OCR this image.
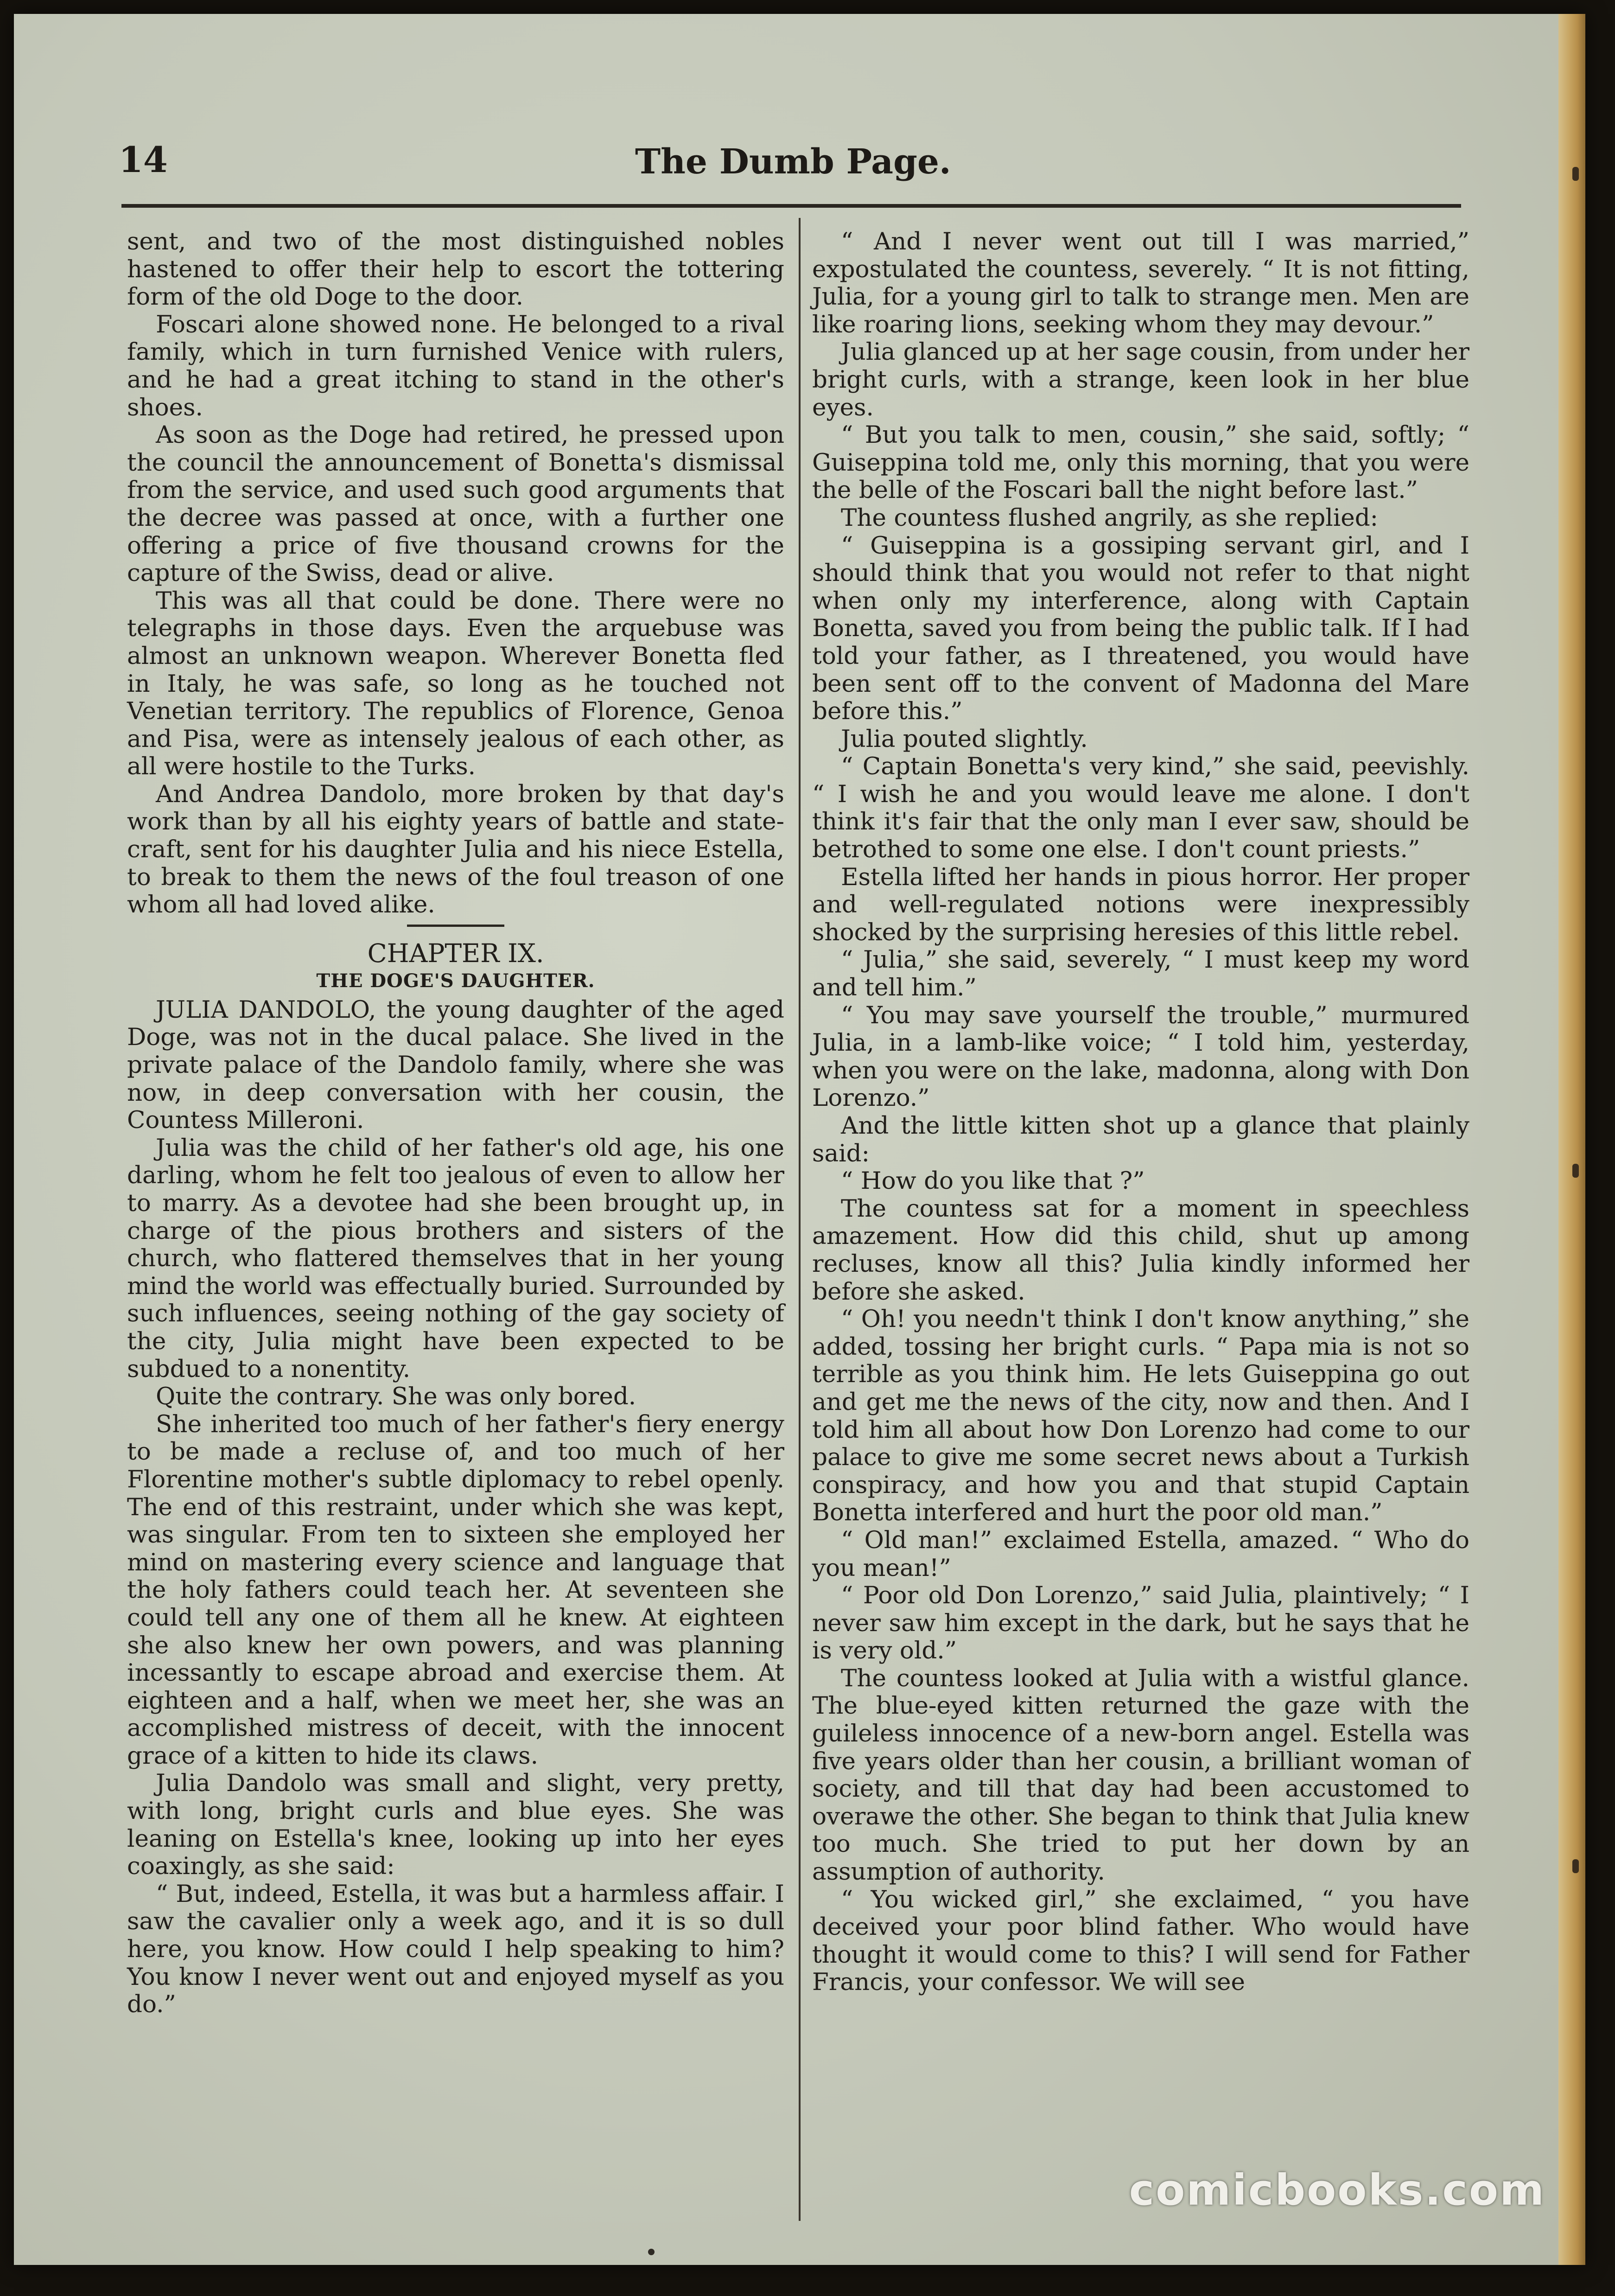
14	The Dumb Page.

sent, and two of the most distinguished nobles hastened to offer their help to escort the tottering form of the old Doge to the door.

Foscari alone showed none. He belonged to a rival family, which in turn furnished Venice with rulers, and he had a great itching to stand in the other's shoes.

As soon as the Doge had retired, he pressed upon the council the announcement of Bonetta's dismissal from the service, and used such good arguments that the decree was passed at once, with a further one offering a price of five thousand crowns for the capture of the Swiss, dead or alive.

This was all that could be done. There were no telegraphs in those days. Even the arquebuse was almost an unknown weapon. Wherever Bonetta fled in Italy, he was safe, so long as he touched not Venetian territory. The republics of Florence, Genoa and Pisa, were as intensely jealous of each other, as all were hostile to the Turks.

And Andrea Dandolo, more broken by that day's work than by all his eighty years of battle and state-craft, sent for his daughter Julia and his niece Estella, to break to them the news of the foul treason of one whom all had loved alike.

CHAPTER IX.
THE DOGE'S DAUGHTER.

JULIA DANDOLO, the young daughter of the aged Doge, was not in the ducal palace. She lived in the private palace of the Dandolo family, where she was now, in deep conversation with her cousin, the Countess Milleroni.

Julia was the child of her father's old age, his one darling, whom he felt too jealous of even to allow her to marry. As a devotee had she been brought up, in charge of the pious brothers and sisters of the church, who flattered themselves that in her young mind the world was effectually buried. Surrounded by such influences, seeing nothing of the gay society of the city, Julia might have been expected to be subdued to a nonentity.

Quite the contrary. She was only bored.

She inherited too much of her father's fiery energy to be made a recluse of, and too much of her Florentine mother's subtle diplomacy to rebel openly. The end of this restraint, under which she was kept, was singular. From ten to sixteen she employed her mind on mastering every science and language that the holy fathers could teach her. At seventeen she could tell any one of them all he knew. At eighteen she also knew her own powers, and was planning incessantly to escape abroad and exercise them. At eighteen and a half, when we meet her, she was an accomplished mistress of deceit, with the innocent grace of a kitten to hide its claws.

Julia Dandolo was small and slight, very pretty, with long, bright curls and blue eyes. She was leaning on Estella's knee, looking up into her eyes coaxingly, as she said:

“ But, indeed, Estella, it was but a harmless affair. I saw the cavalier only a week ago, and it is so dull here, you know. How could I help speaking to him? You know I never went out and enjoyed myself as you do.”

“ And I never went out till I was married,” expostulated the countess, severely. “ It is not fitting, Julia, for a young girl to talk to strange men. Men are like roaring lions, seeking whom they may devour.”

Julia glanced up at her sage cousin, from under her bright curls, with a strange, keen look in her blue eyes.

“ But you talk to men, cousin,” she said, softly; “ Guiseppina told me, only this morning, that you were the belle of the Foscari ball the night before last.”

The countess flushed angrily, as she replied:

“ Guiseppina is a gossiping servant girl, and I should think that you would not refer to that night when only my interference, along with Captain Bonetta, saved you from being the public talk. If I had told your father, as I threatened, you would have been sent off to the convent of Madonna del Mare before this.”

Julia pouted slightly.

“ Captain Bonetta's very kind,” she said, peevishly. “ I wish he and you would leave me alone. I don't think it's fair that the only man I ever saw, should be betrothed to some one else. I don't count priests.”

Estella lifted her hands in pious horror. Her proper and well-regulated notions were inexpressibly shocked by the surprising heresies of this little rebel.

“ Julia,” she said, severely, “ I must keep my word and tell him.”

“ You may save yourself the trouble,” murmured Julia, in a lamb-like voice; “ I told him, yesterday, when you were on the lake, madonna, along with Don Lorenzo.”

And the little kitten shot up a glance that plainly said:

“ How do you like that ?”

The countess sat for a moment in speechless amazement. How did this child, shut up among recluses, know all this? Julia kindly informed her before she asked.

“ Oh! you needn't think I don't know anything,” she added, tossing her bright curls. “ Papa mia is not so terrible as you think him. He lets Guiseppina go out and get me the news of the city, now and then. And I told him all about how Don Lorenzo had come to our palace to give me some secret news about a Turkish conspiracy, and how you and that stupid Captain Bonetta interfered and hurt the poor old man.”

“ Old man!” exclaimed Estella, amazed. “ Who do you mean!”

“ Poor old Don Lorenzo,” said Julia, plaintively; “ I never saw him except in the dark, but he says that he is very old.”

The countess looked at Julia with a wistful glance. The blue-eyed kitten returned the gaze with the guileless innocence of a new-born angel. Estella was five years older than her cousin, a brilliant woman of society, and till that day had been accustomed to overawe the other. She began to think that Julia knew too much. She tried to put her down by an assumption of authority.

“ You wicked girl,” she exclaimed, “ you have deceived your poor blind father. Who would have thought it would come to this? I will send for Father Francis, your confessor. We will see

comicbooks.com
